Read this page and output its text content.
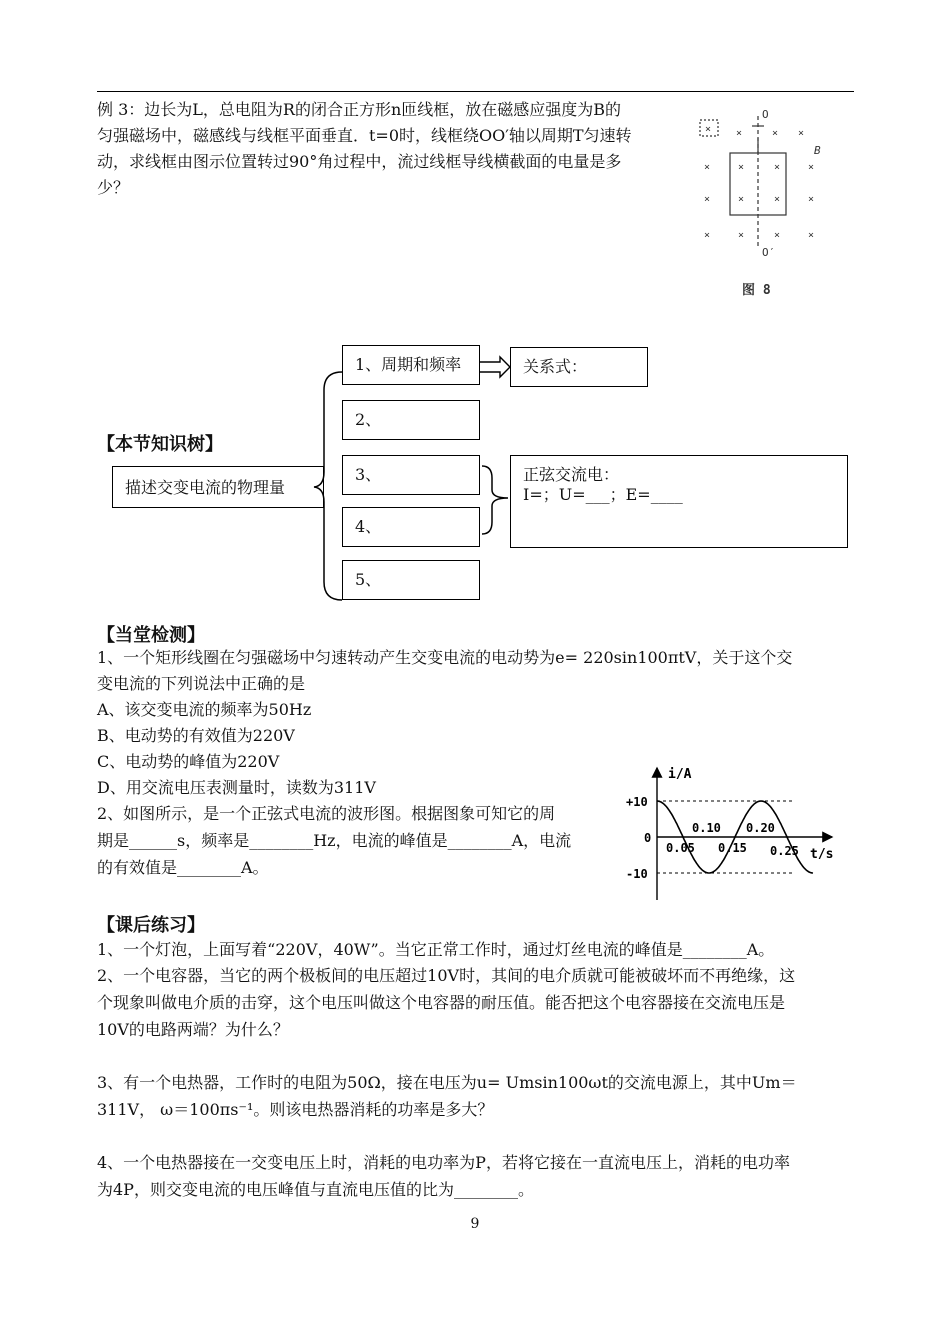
例 3：边长为L，总电阻为R的闭合正方形n匝线框，放在磁感应强度为B的
匀强磁场中，磁感线与线框平面垂直．t=0时，线框绕OO′轴以周期T匀速转
动，求线框由图示位置转过90°角过程中，流过线框导线横截面的电量是多
少？
× ×	× ×
×	×	×	×
×	×	×	×
×	×	×	×
O
O′
B
图 8
【本节知识树】
描述交变电流的物理量
1、周期和频率
2、
3、
4、
5、
关系式：
正弦交流电：
I=；U=___；E=____
【当堂检测】
1、一个矩形线圈在匀强磁场中匀速转动产生交变电流的电动势为e= 220sin100πtV，关于这个交
变电流的下列说法中正确的是
A、该交变电流的频率为50Hz
B、电动势的有效值为220V
C、电动势的峰值为220V
D、用交流电压表测量时，读数为311V
2、如图所示，是一个正弦式电流的波形图。根据图象可知它的周
期是______s，频率是________Hz，电流的峰值是________A，电流
的有效值是________A。
i/A
t/s
0
+10
-10
0.05 0.15 0.25
0.10 0.20
【课后练习】
1、一个灯泡，上面写着“220V，40W”。当它正常工作时，通过灯丝电流的峰值是________A。
2、一个电容器，当它的两个极板间的电压超过10V时，其间的电介质就可能被破坏而不再绝缘，这
个现象叫做电介质的击穿，这个电压叫做这个电容器的耐压值。能否把这个电容器接在交流电压是
10V的电路两端？为什么？
3、有一个电热器，工作时的电阻为50Ω，接在电压为u= Umsin100ωt的交流电源上，其中Um＝
311V， ω＝100πs⁻¹。则该电热器消耗的功率是多大？
4、一个电热器接在一交变电压上时，消耗的电功率为P，若将它接在一直流电压上，消耗的电功率
为4P，则交变电流的电压峰值与直流电压值的比为________。
9
